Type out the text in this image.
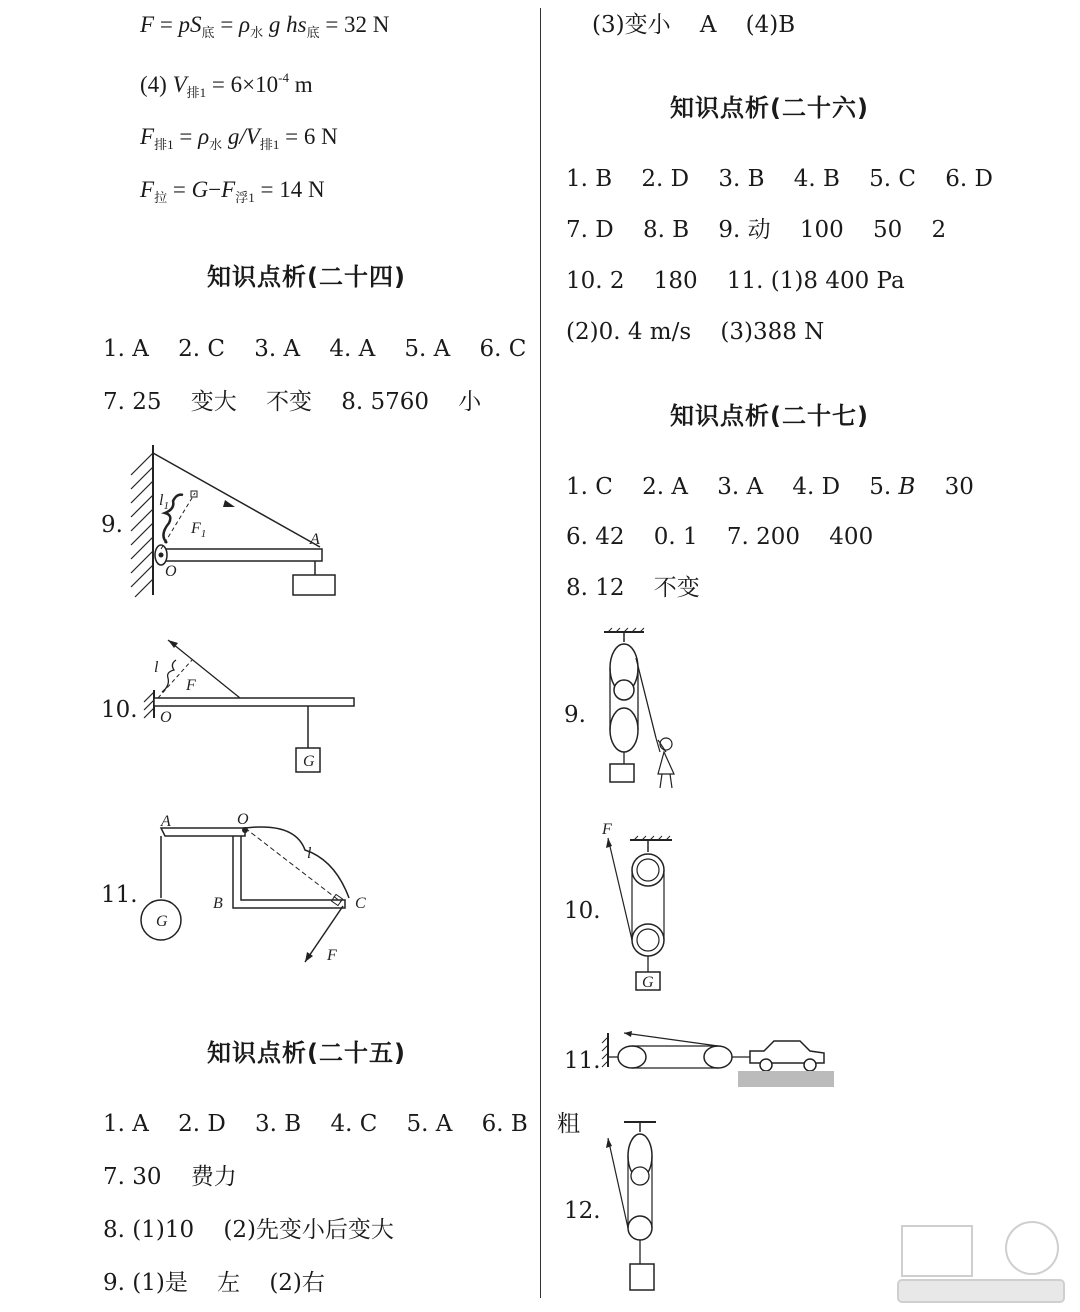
$F = pS_底 = \rho_水$ g $hs_底 = 32$ N
(4) $V_{排1} = 6\times 10^{-4}$ m
$F_{排1} = \rho_水$ $g/V_{排1} = 6$ N
$F_拉 = G-F_{浮1} = 14$ N
知识点析(二十四)
1. A    2. C    3. A    4. A    5. A    6. C
7. 25    变大    不变    8. 5760    小
9.
10.
11.
$l_1$
$F_1$
O
A
l
F
O
G
A	O
l
B	C
G
F
知识点析(二十五)
1. A    2. D    3. B    4. C    5. A    6. B    粗
7. 30    费力
8. (1)10    (2)先变小后变大
9. (1)是    左    (2)右
(3)变小    A    (4)B
知识点析(二十六)
1. B    2. D    3. B    4. B    5. C    6. D
7. D    8. B    9. 动    100    50    2
10. 2    180    11. (1)8 400 Pa
(2)0. 4 m/s    (3)388 N
知识点析(二十七)
1. C    2. A    3. A    4. D    5. B    30
6. 42    0. 1    7. 200    400
8. 12    不变
9.
10.
11.
12.
F
G
